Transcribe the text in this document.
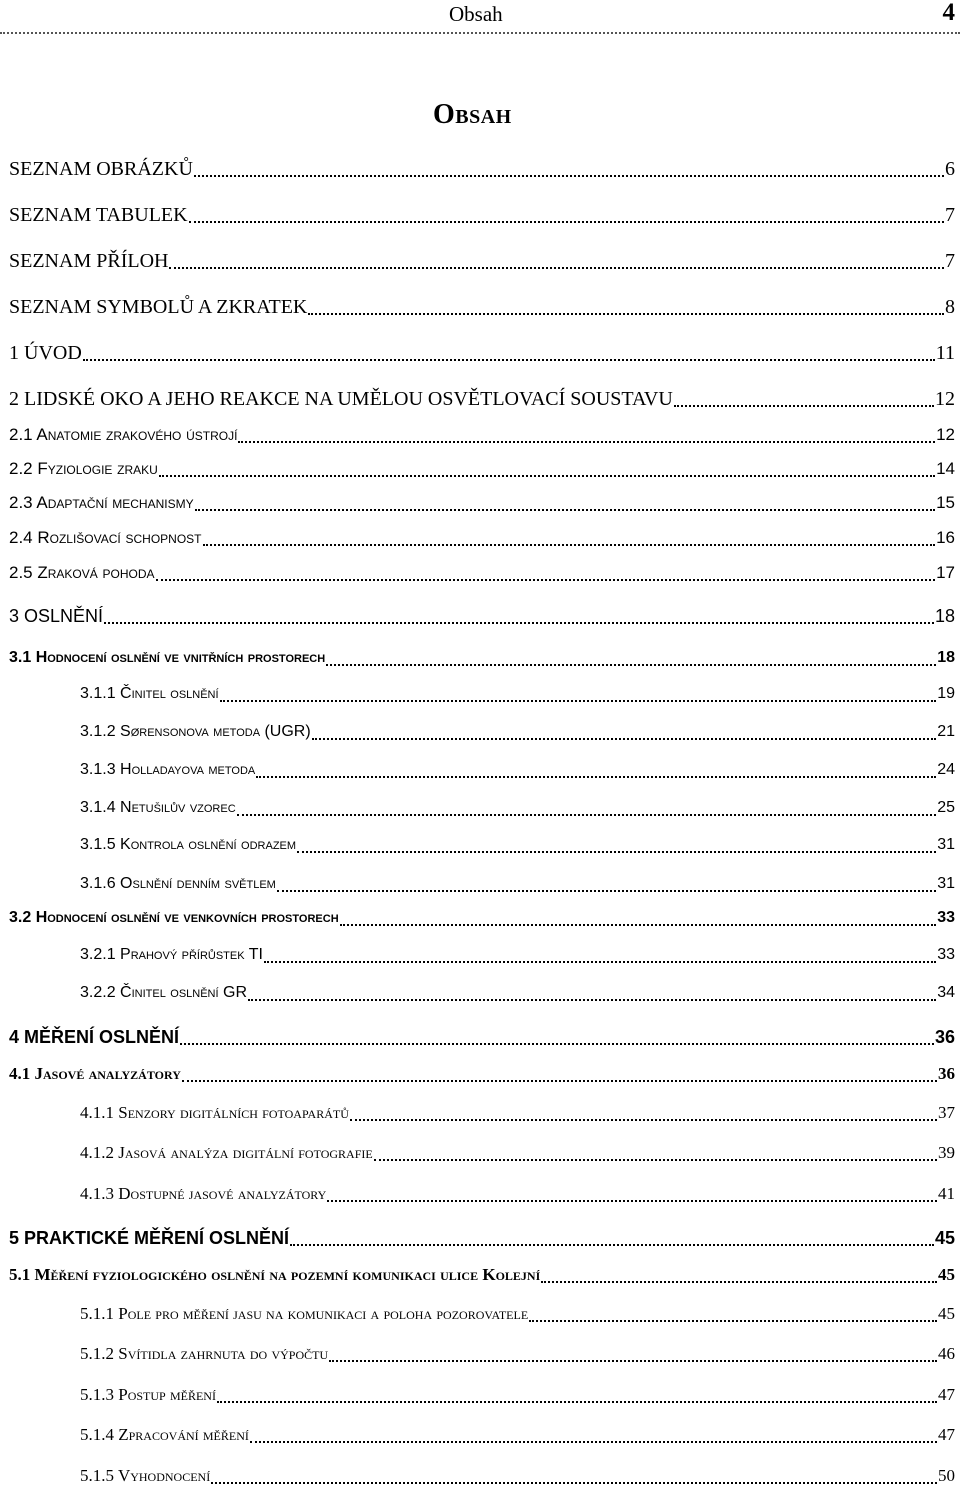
Obsah	4
Obsah
SEZNAM OBRÁZKŮ	6
SEZNAM TABULEK	7
SEZNAM PŘÍLOH	7
SEZNAM SYMBOLŮ A ZKRATEK	8
1 ÚVOD	11
2 LIDSKÉ OKO A JEHO REAKCE NA UMĚLOU OSVĚTLOVACÍ SOUSTAVU	12
2.1 Anatomie zrakového ústrojí	12
2.2 Fyziologie zraku	14
2.3 Adaptační mechanismy	15
2.4 Rozlišovací schopnost	16
2.5 Zraková pohoda	17
3 OSLNĚNÍ	18
3.1 Hodnocení oslnění ve vnitřních prostorech	18
3.1.1 Činitel oslnění	19
3.1.2 Sørensonova metoda (UGR)	21
3.1.3 Holladayova metoda	24
3.1.4 Netušilův vzorec	25
3.1.5 Kontrola oslnění odrazem	31
3.1.6 Oslnění denním světlem	31
3.2 Hodnocení oslnění ve venkovních prostorech	33
3.2.1 Prahový přírůstek TI	33
3.2.2 Činitel oslnění GR	34
4 MĚŘENÍ OSLNĚNÍ	36
4.1 Jasové analyzátory	36
4.1.1 Senzory digitálních fotoaparátů	37
4.1.2 Jasová analýza digitální fotografie	39
4.1.3 Dostupné jasové analyzátory	41
5 PRAKTICKÉ MĚŘENÍ OSLNĚNÍ	45
5.1 Měření fyziologického oslnění na pozemní komunikaci ulice Kolejní	45
5.1.1 Pole pro měření jasu na komunikaci a poloha pozorovatele	45
5.1.2 Svítidla zahrnuta do výpočtu	46
5.1.3 Postup měření	47
5.1.4 Zpracování měření	47
5.1.5 Vyhodnocení	50
